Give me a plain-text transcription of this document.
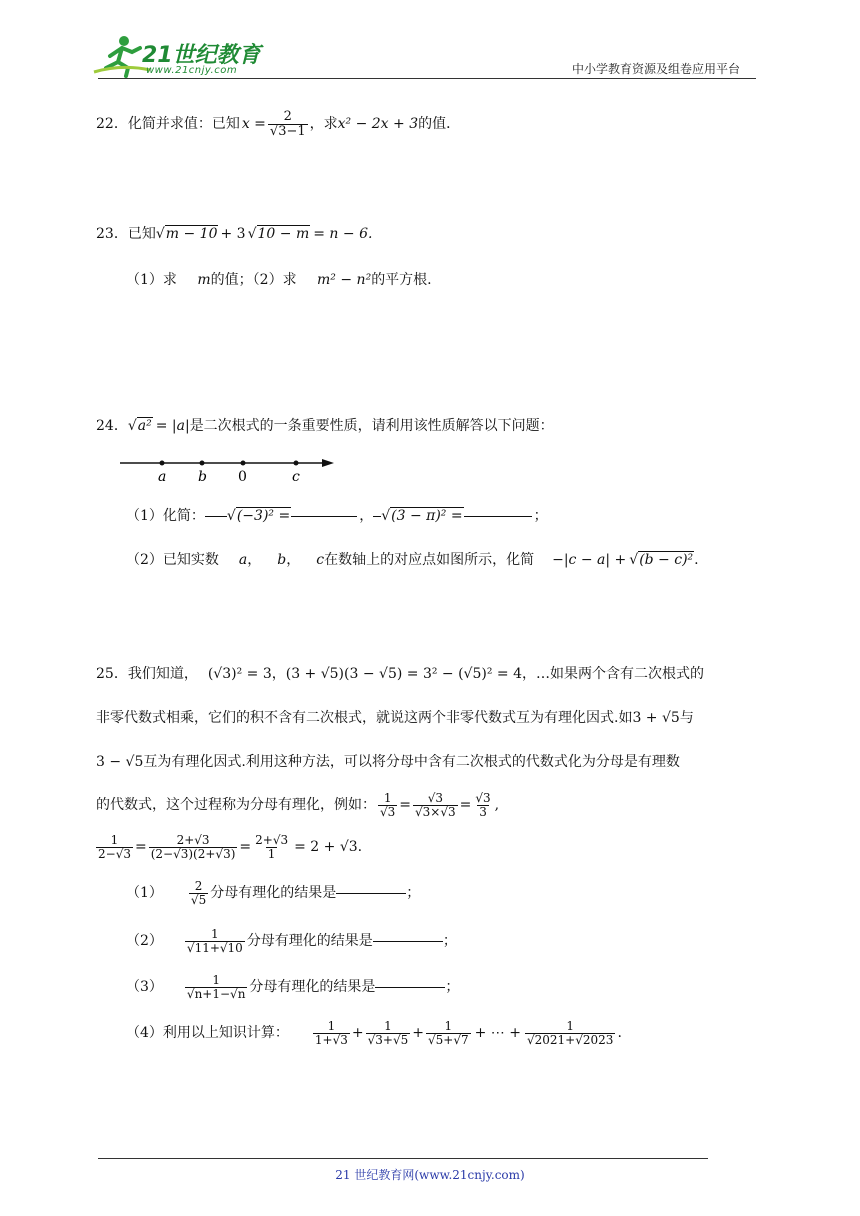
21世纪教育
www.21cnjy.com	中小学教育资源及组卷应用平台
22．化简并求值：已知 $x = \frac{2}{√3-1}$ ，求 x² − 2x + 3 的值．
23．已知 √m − 10 + 3 √10 − m = n − 6.
（1）求 m的值；（2）求 m² − n²的平方根.
24． √a² = |a| 是二次根式的一条重要性质，请利用该性质解答以下问题：
a b 0	c
（1）化简： √(−3)² =	， √(3 − π)² =	；
（2）已知实数 a ， b ， c 在数轴上的对应点如图所示，化简 −|c − a| + √(b − c)² .
25．我们知道， (√3)² = 3，(3 + √5)(3 − √5) = 3² − (√5)² = 4，…如果两个含有二次根式的
非零代数式相乘，它们的积不含有二次根式，就说这两个非零代数式互为有理化因式.如3 + √5与
3 − √5互为有理化因式.利用这种方法，可以将分母中含有二次根式的代数式化为分母是有理数
的代数式，这个过程称为分母有理化，例如： $\frac{1}{√3} = \frac{√3}{√3\times√3} = \frac{√3}{3}$ ,
$\frac{1}{2-√3} = \frac{2+√3}{(2-√3)(2+√3)} = \frac{2+√3}{1} = 2 + √3$.
$(1) \frac{2}{√5}$ 分母有理化的结果是	；
$(2) \frac{1}{√11+√10}$ 分母有理化的结果是	；
$(3) \frac{1}{√n+1-√n}$ 分母有理化的结果是	；
（4）利用以上知识计算： $\frac{1}{1+√3} + \frac{1}{√3+√5} + \frac{1}{√5+√7}$ + ⋯ + $\frac{1}{√2021+√2023}$ .
21 世纪教育网(www.21cnjy.com)
